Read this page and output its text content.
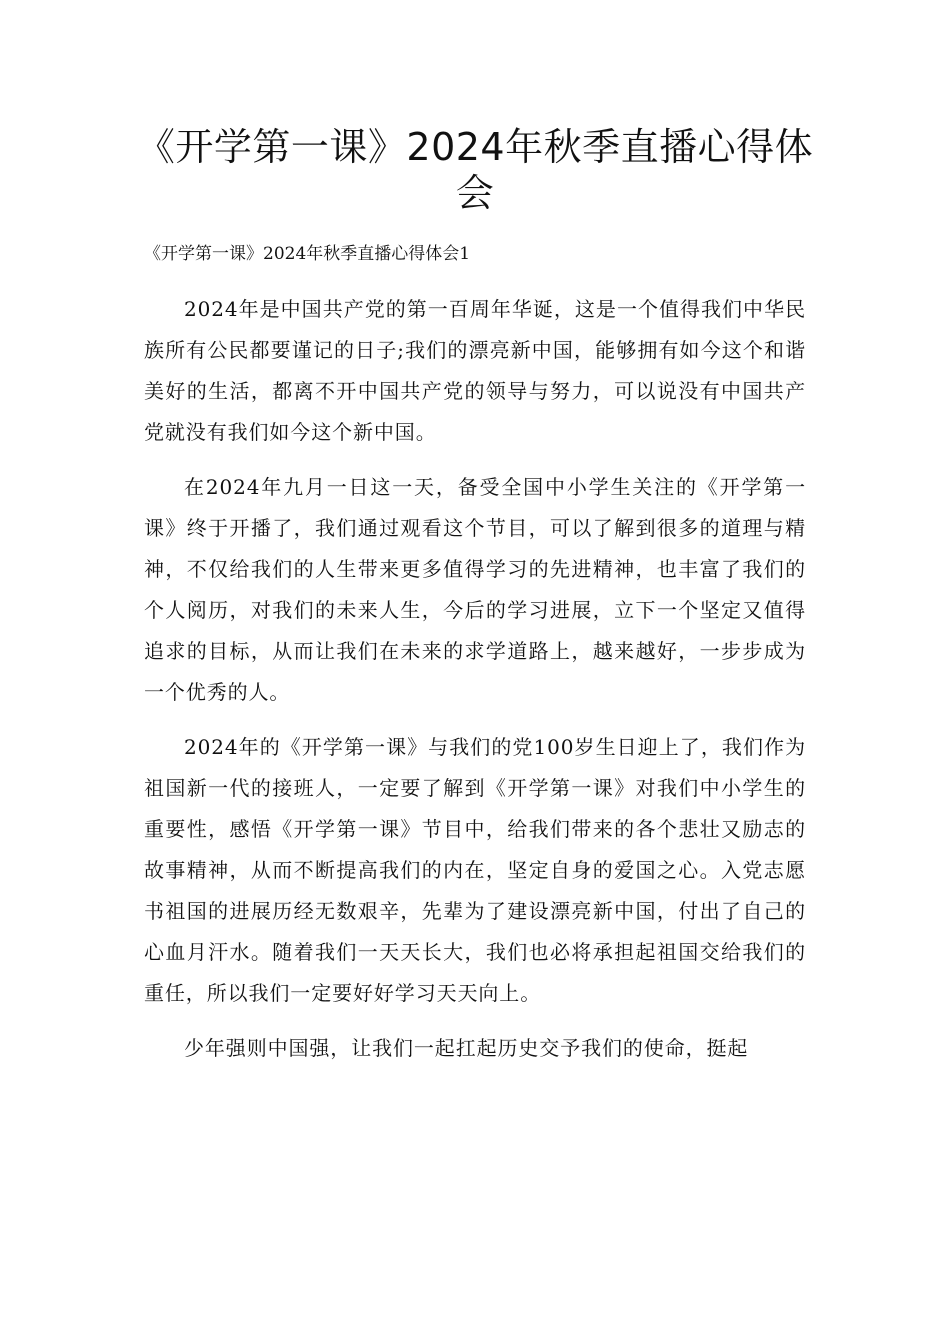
《开学第一课》2024年秋季直播心得体会
《开学第一课》2024年秋季直播心得体会1

2024年是中国共产党的第一百周年华诞，这是一个值得我们中华民族所有公民都要谨记的日子;我们的漂亮新中国，能够拥有如今这个和谐美好的生活，都离不开中国共产党的领导与努力，可以说没有中国共产党就没有我们如今这个新中国。

在2024年九月一日这一天，备受全国中小学生关注的《开学第一课》终于开播了，我们通过观看这个节目，可以了解到很多的道理与精神，不仅给我们的人生带来更多值得学习的先进精神，也丰富了我们的个人阅历，对我们的未来人生，今后的学习进展，立下一个坚定又值得追求的目标，从而让我们在未来的求学道路上，越来越好，一步步成为一个优秀的人。

2024年的《开学第一课》与我们的党100岁生日迎上了，我们作为祖国新一代的接班人，一定要了解到《开学第一课》对我们中小学生的重要性，感悟《开学第一课》节目中，给我们带来的各个悲壮又励志的故事精神，从而不断提高我们的内在，坚定自身的爱国之心。入党志愿书祖国的进展历经无数艰辛，先辈为了建设漂亮新中国，付出了自己的心血月汗水。随着我们一天天长大，我们也必将承担起祖国交给我们的重任，所以我们一定要好好学习天天向上。

少年强则中国强，让我们一起扛起历史交予我们的使命，挺起
